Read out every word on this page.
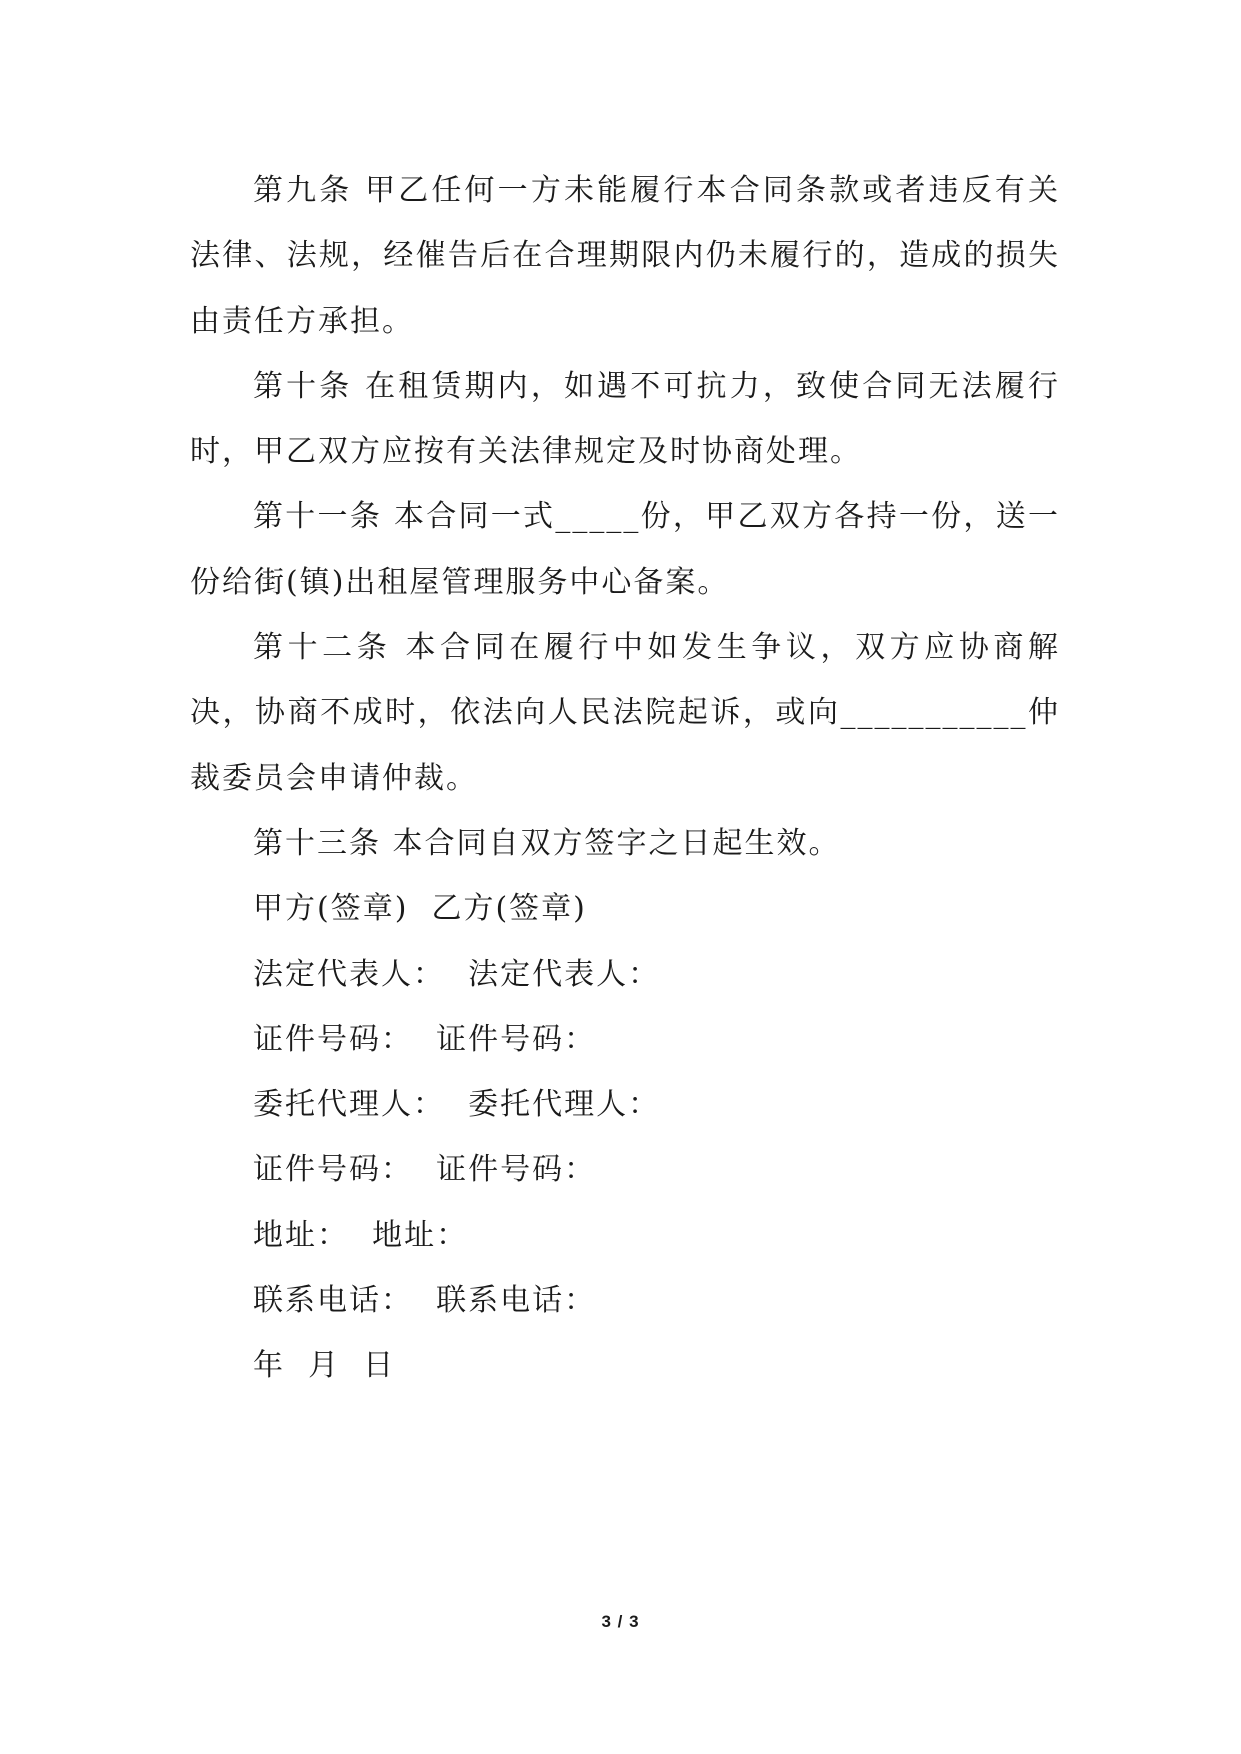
第九条 甲乙任何一方未能履行本合同条款或者违反有关法律、法规，经催告后在合理期限内仍未履行的，造成的损失由责任方承担。

第十条 在租赁期内，如遇不可抗力，致使合同无法履行时，甲乙双方应按有关法律规定及时协商处理。

第十一条 本合同一式_____份，甲乙双方各持一份，送一份给街(镇)出租屋管理服务中心备案。

第十二条 本合同在履行中如发生争议，双方应协商解决，协商不成时，依法向人民法院起诉，或向___________仲裁委员会申请仲裁。

第十三条 本合同自双方签字之日起生效。

甲方(签章)  乙方(签章)

法定代表人：  法定代表人：

证件号码：  证件号码：

委托代理人：  委托代理人：

证件号码：  证件号码：

地址：  地址：

联系电话：  联系电话：

年  月  日

3 / 3
